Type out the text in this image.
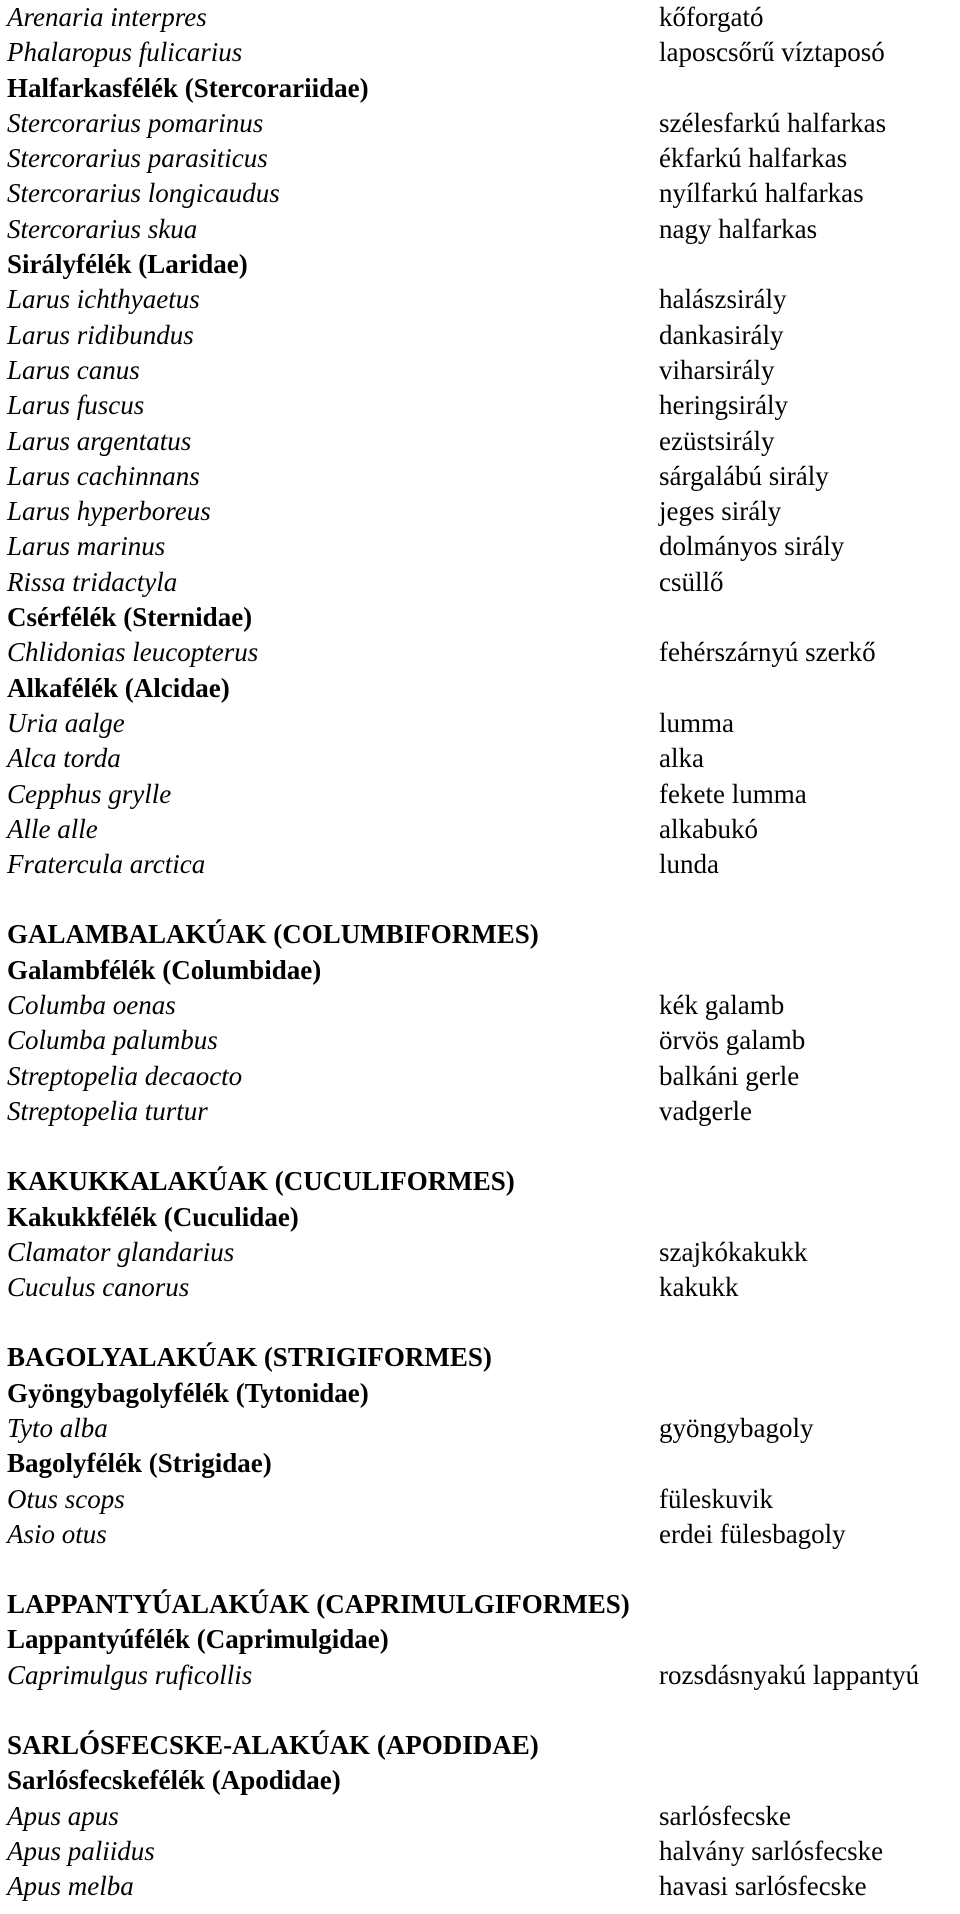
Arenaria interpres	kőforgató
Phalaropus fulicarius	laposcsőrű víztaposó
Halfarkasfélék (Stercorariidae)
Stercorarius pomarinus	szélesfarkú halfarkas
Stercorarius parasiticus	ékfarkú halfarkas
Stercorarius longicaudus	nyílfarkú halfarkas
Stercorarius skua	nagy halfarkas
Sirályfélék (Laridae)
Larus ichthyaetus	halászsirály
Larus ridibundus	dankasirály
Larus canus	viharsirály
Larus fuscus	heringsirály
Larus argentatus	ezüstsirály
Larus cachinnans	sárgalábú sirály
Larus hyperboreus	jeges sirály
Larus marinus	dolmányos sirály
Rissa tridactyla	csüllő
Csérfélék (Sternidae)
Chlidonias leucopterus	fehérszárnyú szerkő
Alkafélék (Alcidae)
Uria aalge	lumma
Alca torda	alka
Cepphus grylle	fekete lumma
Alle alle	alkabukó
Fratercula arctica	lunda
GALAMBALAKÚAK (COLUMBIFORMES)
Galambfélék (Columbidae)
Columba oenas	kék galamb
Columba palumbus	örvös galamb
Streptopelia decaocto	balkáni gerle
Streptopelia turtur	vadgerle
KAKUKKALAKÚAK (CUCULIFORMES)
Kakukkfélék (Cuculidae)
Clamator glandarius	szajkókakukk
Cuculus canorus	kakukk
BAGOLYALAKÚAK (STRIGIFORMES)
Gyöngybagolyfélék (Tytonidae)
Tyto alba	gyöngybagoly
Bagolyfélék (Strigidae)
Otus scops	füleskuvik
Asio otus	erdei fülesbagoly
LAPPANTYÚALAKÚAK (CAPRIMULGIFORMES)
Lappantyúfélék (Caprimulgidae)
Caprimulgus ruficollis	rozsdásnyakú lappantyú
SARLÓSFECSKE-ALAKÚAK (APODIDAE)
Sarlósfecskefélék (Apodidae)
Apus apus	sarlósfecske
Apus paliidus	halvány sarlósfecske
Apus melba	havasi sarlósfecske
